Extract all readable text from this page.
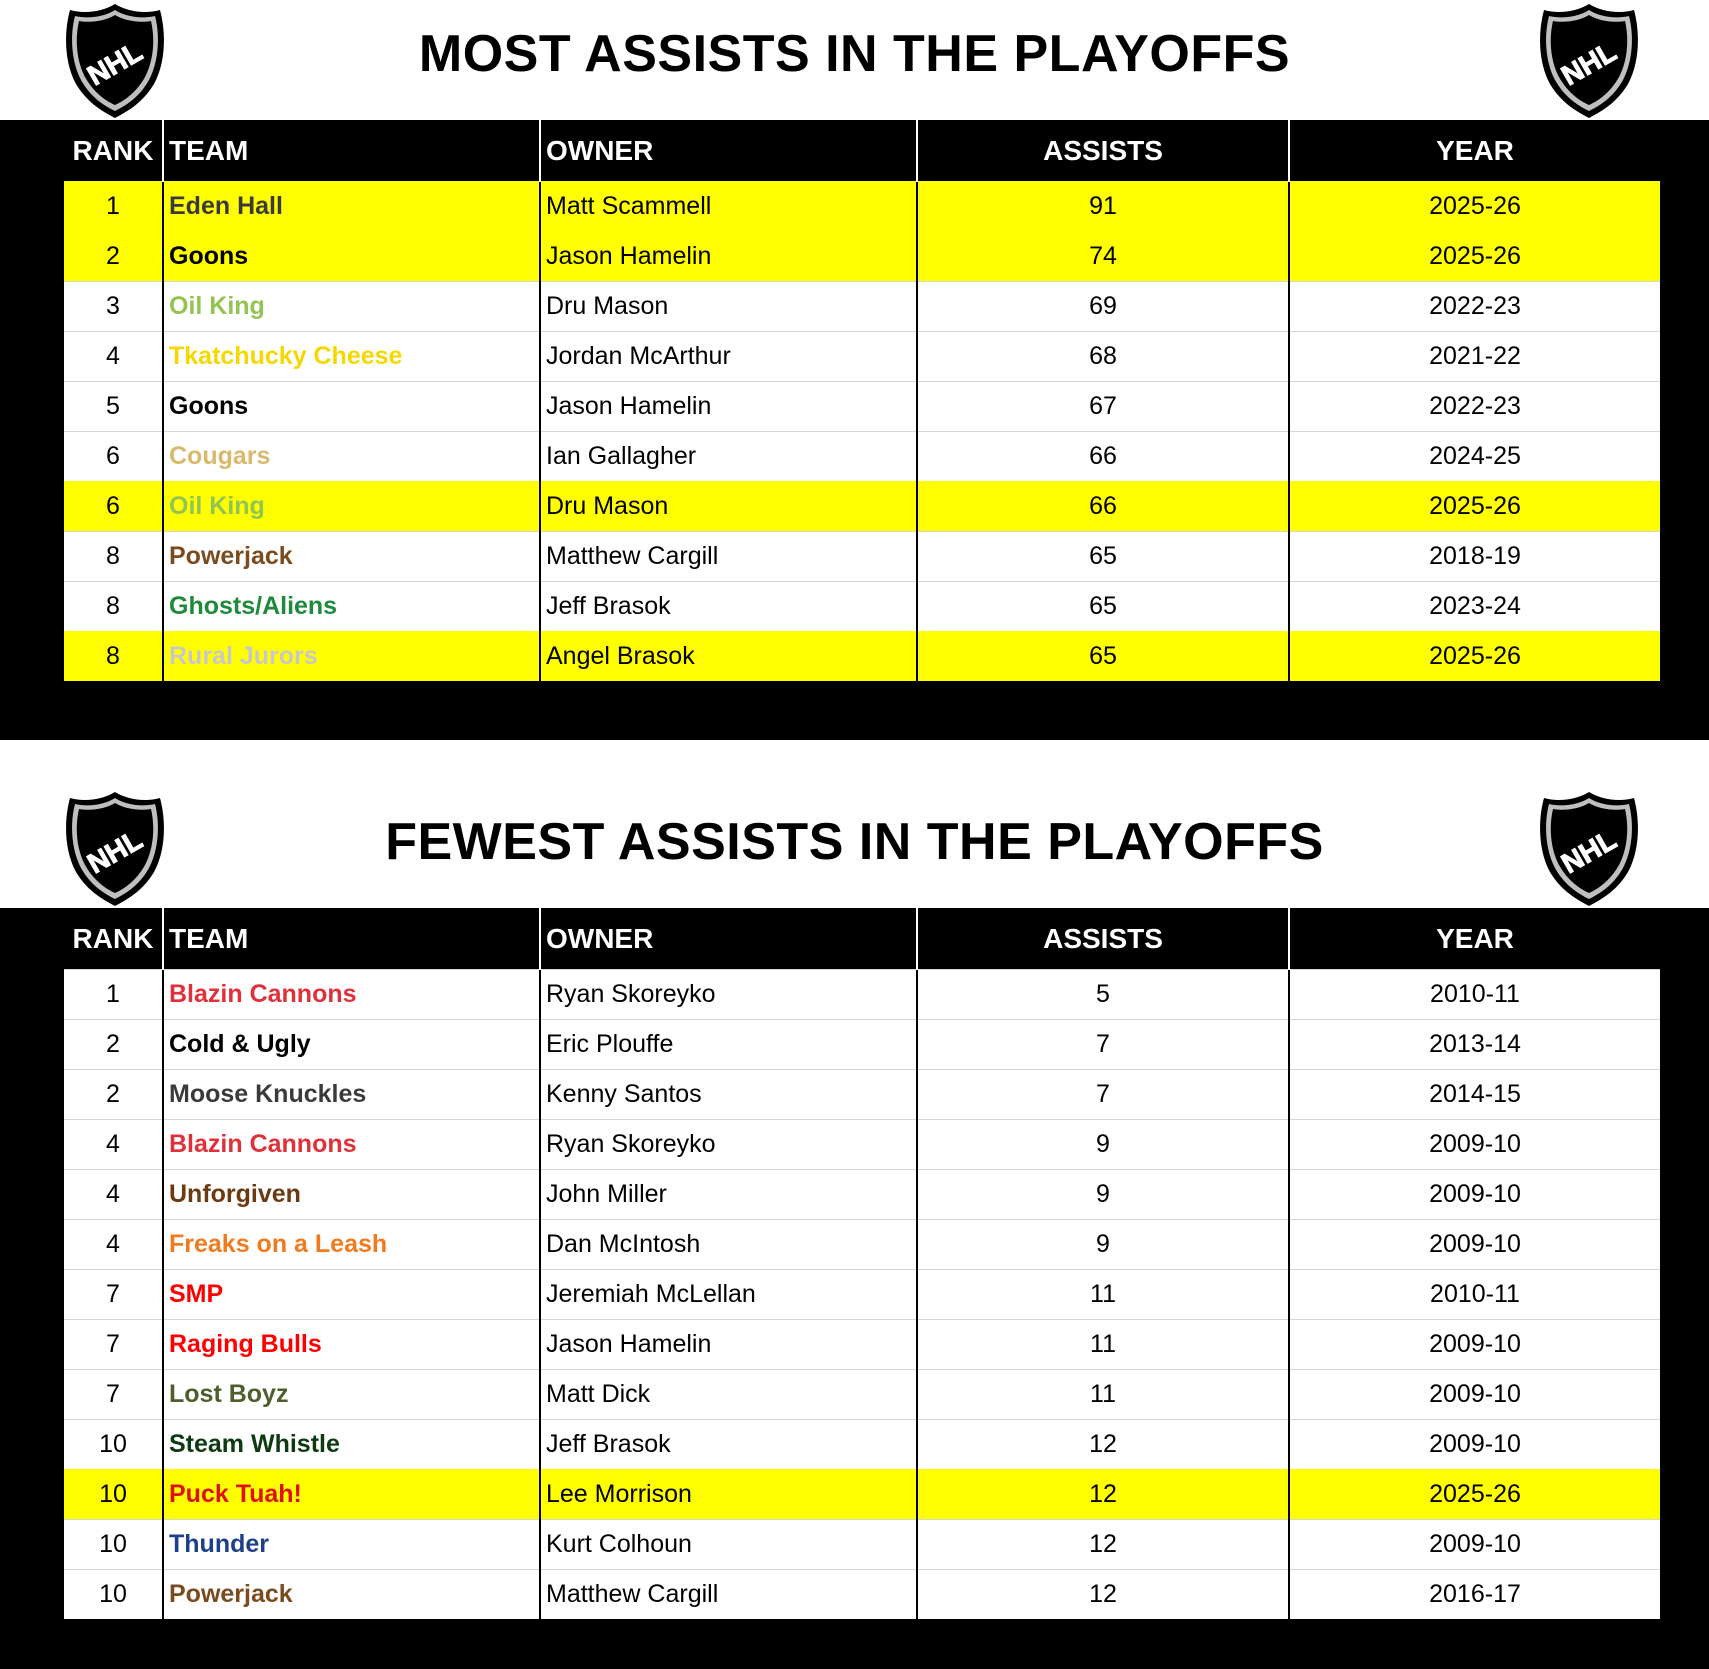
MOST ASSISTS IN THE PLAYOFFS
RANK	TEAM	OWNER	ASSISTS	YEAR
1	Eden Hall	Matt Scammell	91	2025-26
2	Goons	Jason Hamelin	74	2025-26
3	Oil King	Dru Mason	69	2022-23
4	Tkatchucky Cheese	Jordan McArthur	68	2021-22
5	Goons	Jason Hamelin	67	2022-23
6	Cougars	Ian Gallagher	66	2024-25
6	Oil King	Dru Mason	66	2025-26
8	Powerjack	Matthew Cargill	65	2018-19
8	Ghosts/Aliens	Jeff Brasok	65	2023-24
8	Rural Jurors	Angel Brasok	65	2025-26
FEWEST ASSISTS IN THE PLAYOFFS
RANK	TEAM	OWNER	ASSISTS	YEAR
1	Blazin Cannons	Ryan Skoreyko	5	2010-11
2	Cold & Ugly	Eric Plouffe	7	2013-14
2	Moose Knuckles	Kenny Santos	7	2014-15
4	Blazin Cannons	Ryan Skoreyko	9	2009-10
4	Unforgiven	John Miller	9	2009-10
4	Freaks on a Leash	Dan McIntosh	9	2009-10
7	SMP	Jeremiah McLellan	11	2010-11
7	Raging Bulls	Jason Hamelin	11	2009-10
7	Lost Boyz	Matt Dick	11	2009-10
10	Steam Whistle	Jeff Brasok	12	2009-10
10	Puck Tuah!	Lee Morrison	12	2025-26
10	Thunder	Kurt Colhoun	12	2009-10
10	Powerjack	Matthew Cargill	12	2016-17
